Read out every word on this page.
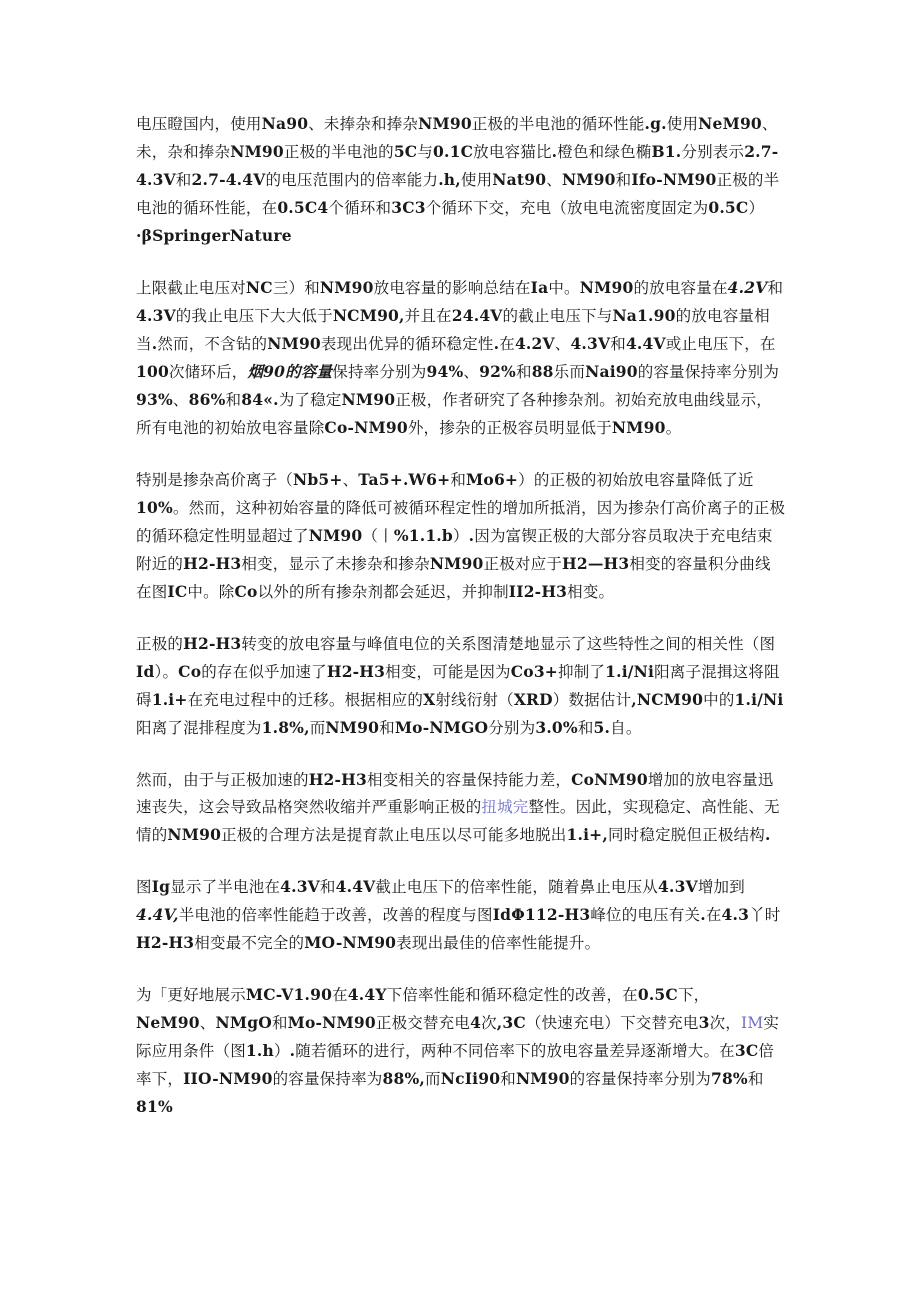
电压瞪国内，使用Na90、未捧杂和捧杂NM90正极的半电池的循环性能.g.使用NeM90、未，杂和捧杂NM90正极的半电池的5C与0.1C放电容猫比.橙色和绿色椭B1.分别表示2.7-4.3V和2.7-4.4V的电压范围内的倍率能力.h,使用Nat90、NM90和Ifo-NM90正极的半电池的循环性能，在0.5C4个循环和3C3个循环下交，充电（放电电流密度固定为0.5C）·βSpringerNature

上限截止电压对NC三）和NM90放电容量的影响总结在Ia中。NM90的放电容量在4.2V和4.3V的我止电压下大大低于NCM90,并且在24.4V的截止电压下与Na1.90的放电容量相当.然而，不含钻的NM90表现出优异的循环稳定性.在4.2V、4.3V和4.4V或止电压下，在100次储环后，烟90的容量保持率分别为94%、92%和88乐而Nai90的容量保持率分别为93%、86%和84«.为了稳定NM90正极，作者研究了各种掺杂剂。初始充放电曲线显示，所有电池的初始放电容量除Co-NM90外，掺杂的正极容员明显低于NM90。

特别是掺杂高价离子（Nb5+、Ta5+.W6+和Mo6+）的正极的初始放电容量降低了近10%。然而，这种初始容量的降低可被循环程定性的增加所抵消，因为掺杂仃高价离子的正极的循环稳定性明显超过了NM90（丨%1.1.b）.因为富锲正极的大部分容员取决于充电结束附近的H2-H3相变，显示了未掺杂和掺杂NM90正极对应于H2—H3相变的容量积分曲线在图IC中。除Co以外的所有掺杂剂都会延迟，并抑制II2-H3相变。

正极的H2-H3转变的放电容量与峰值电位的关系图清楚地显示了这些特性之间的相关性（图Id）。Co的存在似乎加速了H2-H3相变，可能是因为Co3+抑制了1.i/Ni阳离子混揖这将阻碍1.i+在充电过程中的迁移。根据相应的X射线衍射（XRD）数据估计,NCM90中的1.i/Ni阳离了混排程度为1.8%,而NM90和Mo-NMGO分别为3.0%和5.自。

然而，由于与正极加速的H2-H3相变相关的容量保持能力差，CoNM90增加的放电容量迅速丧失，这会导致品格突然收缩并严重影响正极的扭城完整性。因此，实现稳定、高性能、无情的NM90正极的合理方法是提育款止电压以尽可能多地脱出1.i+,同时稳定脱但正极结构.

图Ig显示了半电池在4.3V和4.4V截止电压下的倍率性能，随着鼻止电压从4.3V增加到4.4V,半电池的倍率性能趋于改善，改善的程度与图IdΦ112-H3峰位的电压有关.在4.3丫时H2-H3相变最不完全的MO-NM90表现出最佳的倍率性能提升。

为「更好地展示MC-V1.90在4.4Y下倍率性能和循环稳定性的改善，在0.5C下，NeM90、NMgO和Mo-NM90正极交替充电4次,3C（快速充电）下交替充电3次，IM实际应用条件（图1.h）.随若循环的进行，两种不同倍率下的放电容量差异逐渐增大。在3C倍率下，IIO-NM90的容量保持率为88%,而NcIi90和NM90的容量保持率分别为78%和81%
